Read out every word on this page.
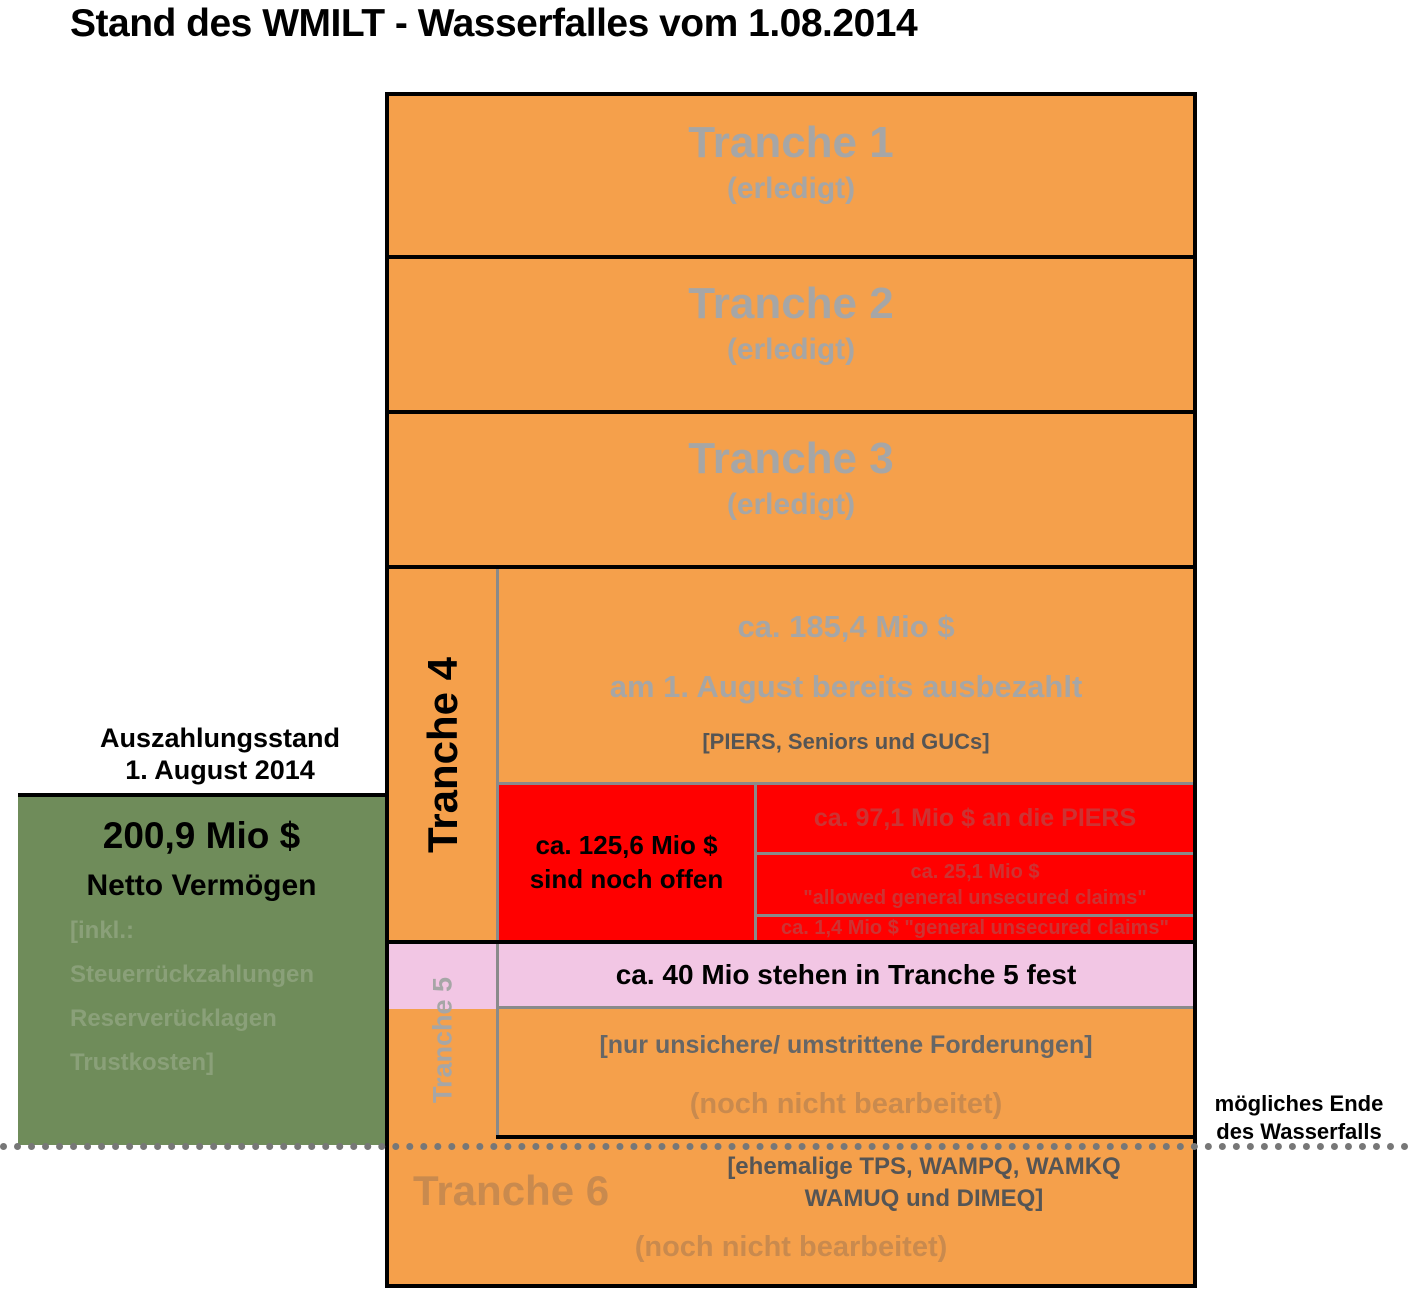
Stand des WMILT - Wasserfalles vom 1.08.2014
Tranche 1
(erledigt)
Tranche 2
(erledigt)
Tranche 3
(erledigt)
Tranche 4
ca. 185,4 Mio $
am 1. August bereits ausbezahlt
[PIERS, Seniors und GUCs]
ca. 125,6 Mio $
sind noch offen
ca. 97,1 Mio $ an die PIERS
ca. 25,1 Mio $
"allowed general unsecured claims"
ca. 1,4 Mio $ "general unsecured claims"
Tranche 5
ca. 40 Mio stehen in Tranche 5 fest
[nur unsichere/ umstrittene Forderungen]
(noch nicht bearbeitet)
Tranche 6
[ehemalige TPS, WAMPQ, WAMKQ WAMUQ und DIMEQ]
(noch nicht bearbeitet)
Auszahlungsstand
1. August 2014
200,9 Mio $
Netto Vermögen
[inkl.:
Steuerrückzahlungen
Reserverücklagen
Trustkosten]
mögliches Ende
des Wasserfalls
